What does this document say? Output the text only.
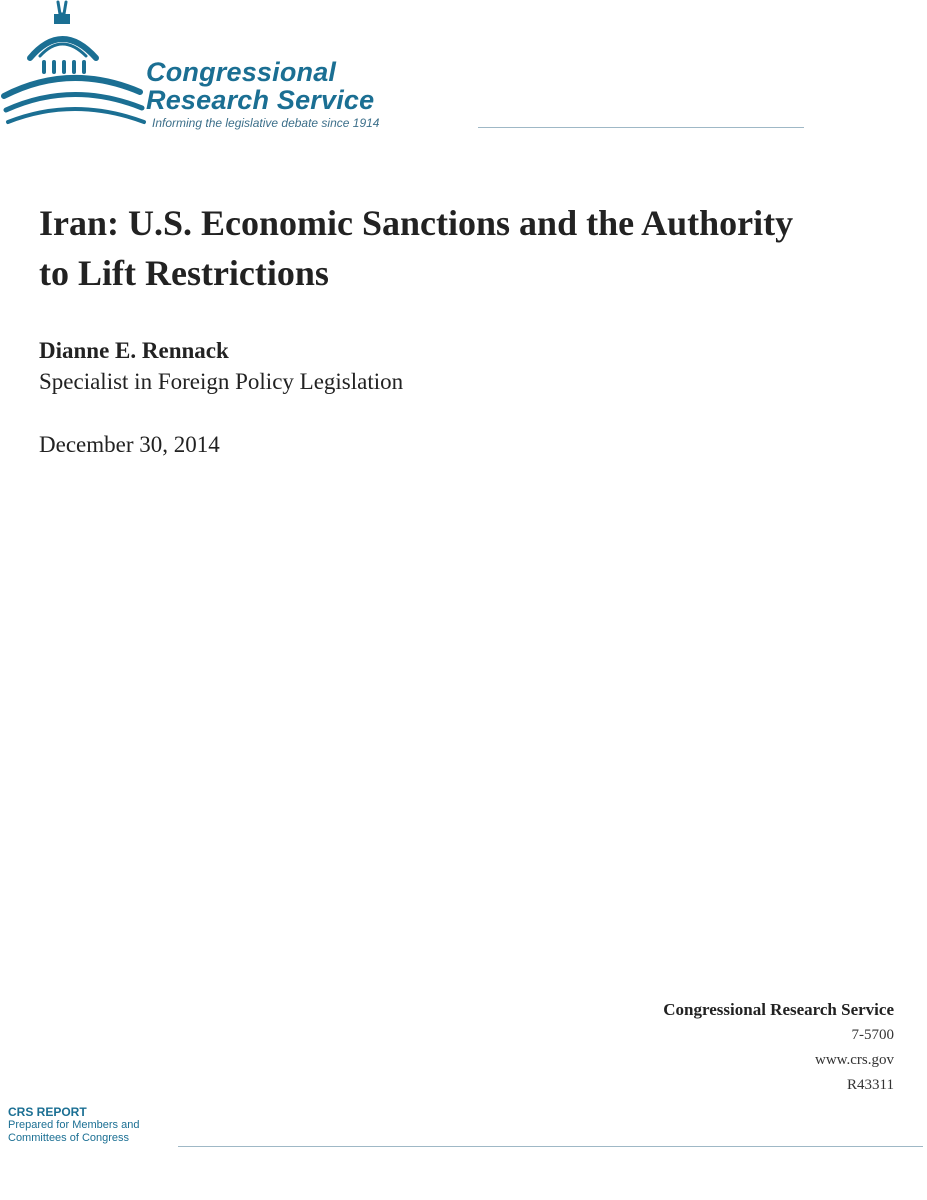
Congressional
Research Service
Informing the legislative debate since 1914
Iran: U.S. Economic Sanctions and the Authority to Lift Restrictions
Dianne E. Rennack
Specialist in Foreign Policy Legislation
December 30, 2014
Congressional Research Service
7-5700
www.crs.gov
R43311
CRS REPORT
Prepared for Members and
Committees of Congress
